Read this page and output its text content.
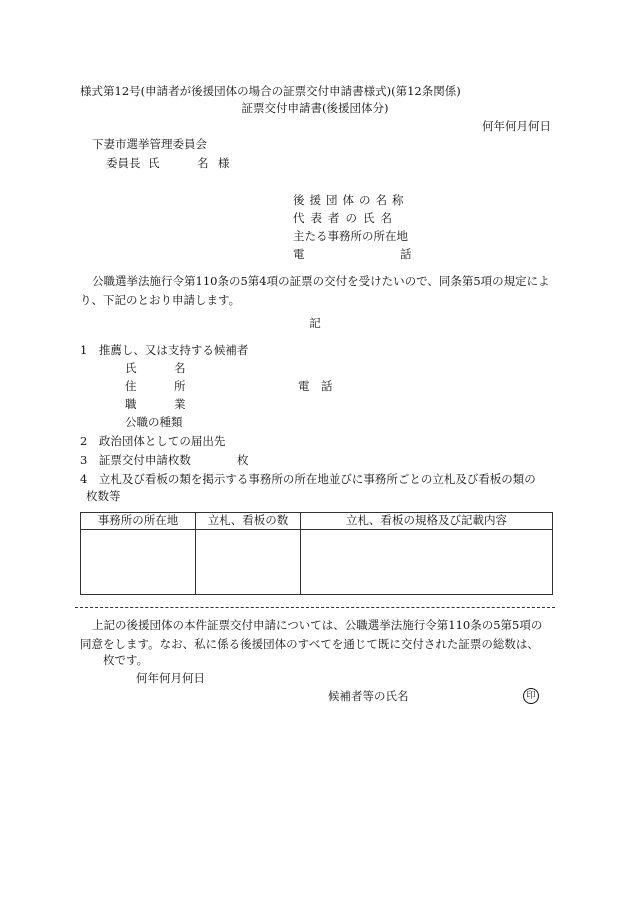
様式第12号(申請者が後援団体の場合の証票交付申請書様式)(第12条関係)
証票交付申請書(後援団体分)
何年何月何日
下妻市選挙管理委員会
委員長 氏	名 様
後援団体の名称
代表者の氏名
主たる事務所の所在地
電	話
公職選挙法施行令第110条の5第4項の証票の交付を受けたいので、同条第5項の規定により、下記のとおり申請します。
記
1　推薦し、又は支持する候補者
氏	名
住	所	電　話
職	業
公職の種類
2　政治団体としての届出先
3　証票交付申請枚数	枚
4　立札及び看板の類を掲示する事務所の所在地並びに事務所ごとの立札及び看板の類の
枚数等
事務所の所在地	立札、看板の数	立札、看板の規格及び記載内容

上記の後援団体の本件証票交付申請については、公職選挙法施行令第110条の5第5項の同意をします。なお、私に係る後援団体のすべてを通じて既に交付された証票の総数は、
枚です。
何年何月何日
候補者等の氏名	印
